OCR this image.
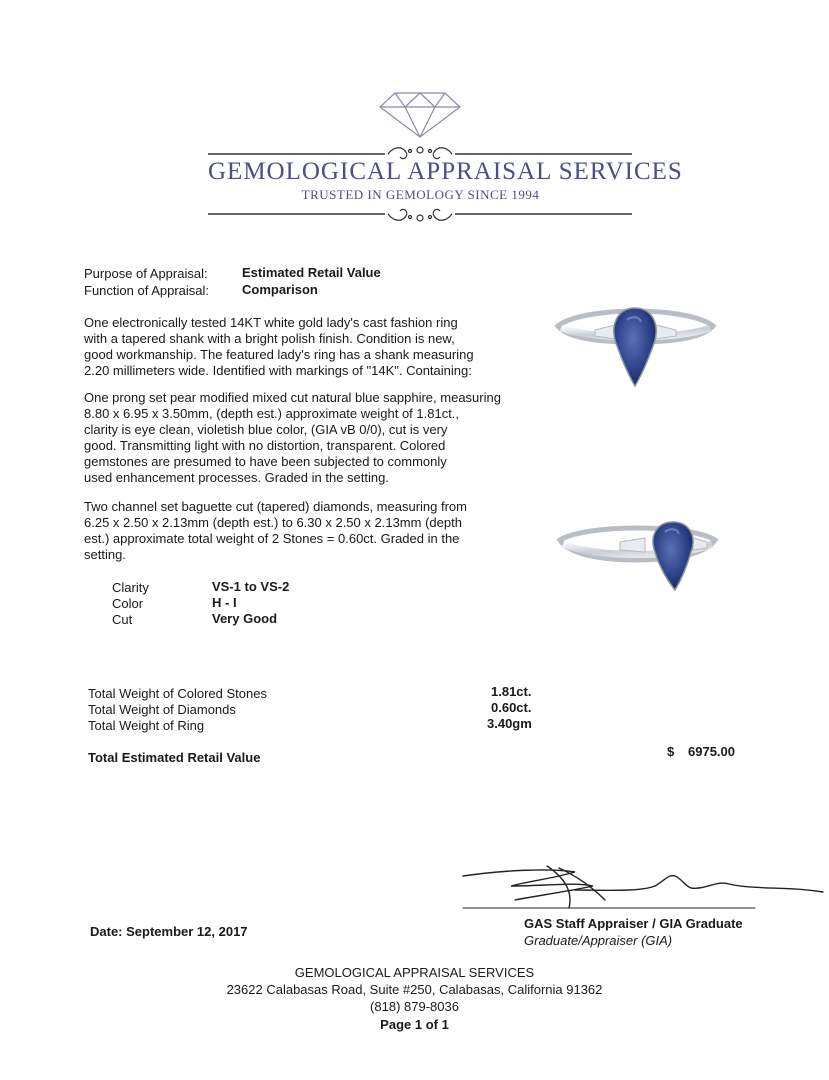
GEMOLOGICAL APPRAISAL SERVICES
TRUSTED IN GEMOLOGY SINCE 1994
Purpose of Appraisal:	Estimated Retail Value
Function of Appraisal:	Comparison
One electronically tested 14KT white gold lady's cast fashion ring
with a tapered shank with a bright polish finish. Condition is new,
good workmanship. The featured lady's ring has a shank measuring
2.20 millimeters wide. Identified with markings of "14K". Containing:
One prong set pear modified mixed cut natural blue sapphire, measuring
8.80 x 6.95 x 3.50mm, (depth est.) approximate weight of 1.81ct.,
clarity is eye clean, violetish blue color, (GIA vB 0/0), cut is very
good. Transmitting light with no distortion, transparent. Colored
gemstones are presumed to have been subjected to commonly
used enhancement processes. Graded in the setting.
Two channel set baguette cut (tapered) diamonds, measuring from
6.25 x 2.50 x 2.13mm (depth est.) to 6.30 x 2.50 x 2.13mm (depth
est.) approximate total weight of 2 Stones = 0.60ct. Graded in the
setting.
Clarity	VS-1 to VS-2
Color	H - I
Cut	Very Good
Total Weight of Colored Stones	1.81ct.
Total Weight of Diamonds	0.60ct.
Total Weight of Ring	3.40gm
Total Estimated Retail Value	$ 6975.00
Date: September 12, 2017
GAS Staff Appraiser / GIA Graduate
Graduate/Appraiser (GIA)
GEMOLOGICAL APPRAISAL SERVICES
23622 Calabasas Road, Suite #250, Calabasas, California 91362
(818) 879-8036
Page 1 of 1
